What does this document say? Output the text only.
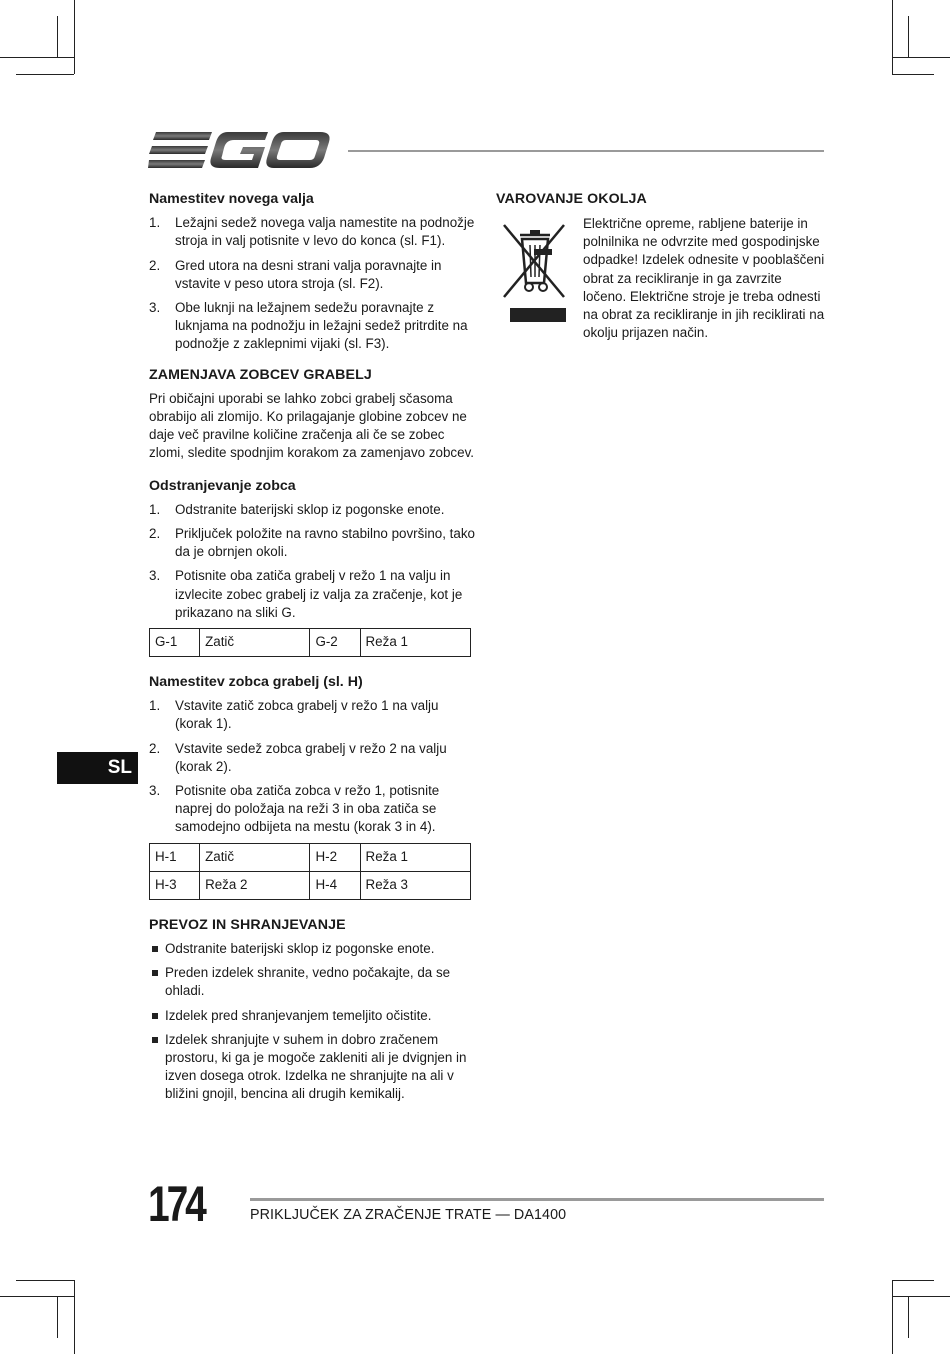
Namestitev novega valja
1. Ležajni sedež novega valja namestite na podnožje stroja in valj potisnite v levo do konca (sl. F1).
2. Gred utora na desni strani valja poravnajte in vstavite v peso utora stroja (sl. F2).
3. Obe luknji na ležajnem sedežu poravnajte z luknjama na podnožju in ležajni sedež pritrdite na podnožje z zaklepnimi vijaki (sl. F3).
ZAMENJAVA ZOBCEV GRABELJ

Pri običajni uporabi se lahko zobci grabelj sčasoma obrabijo ali zlomijo. Ko prilagajanje globine zobcev ne daje več pravilne količine zračenja ali če se zobec zlomi, sledite spodnjim korakom za zamenjavo zobcev.

Odstranjevanje zobca
1. Odstranite baterijski sklop iz pogonske enote.
2. Priključek položite na ravno stabilno površino, tako da je obrnjen okoli.
3. Potisnite oba zatiča grabelj v režo 1 na valju in izvlecite zobec grabelj iz valja za zračenje, kot je prikazano na sliki G.
G-1	Zatič	G-2	Reža 1
Namestitev zobca grabelj (sl. H)
1. Vstavite zatič zobca grabelj v režo 1 na valju (korak 1).
2. Vstavite sedež zobca grabelj v režo 2 na valju (korak 2).
3. Potisnite oba zatiča zobca v režo 1, potisnite naprej do položaja na reži 3 in oba zatiča se samodejno odbijeta na mestu (korak 3 in 4).
H-1	Zatič	H-2	Reža 1
H-3	Reža 2	H-4	Reža 3
PREVOZ IN SHRANJEVANJE
Odstranite baterijski sklop iz pogonske enote.
Preden izdelek shranite, vedno počakajte, da se ohladi.
Izdelek pred shranjevanjem temeljito očistite.
Izdelek shranjujte v suhem in dobro zračenem prostoru, ki ga je mogoče zakleniti ali je dvignjen in izven dosega otrok. Izdelka ne shranjujte na ali v bližini gnojil, bencina ali drugih kemikalij.
VAROVANJE OKOLJA

Električne opreme, rabljene baterije in polnilnika ne odvrzite med gospodinjske odpadke! Izdelek odnesite v pooblaščeni obrat za recikliranje in ga zavrzite ločeno. Električne stroje je treba odnesti na obrat za recikliranje in jih reciklirati na okolju prijazen način.

SL
174	PRIKLJUČEK ZA ZRAČENJE TRATE — DA1400
